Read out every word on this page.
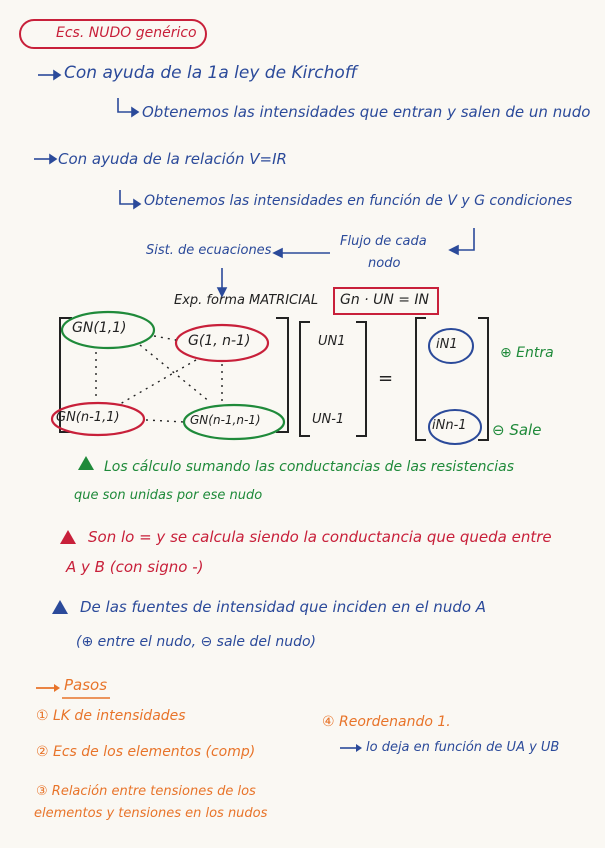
Ecs. NUDO genérico
Con ayuda de la 1a ley de Kirchoff
Obtenemos las intensidades que entran y salen de un nudo
Con ayuda de la relación V=IR
Obtenemos las intensidades en función de V y G condiciones
Sist. de ecuaciones
Flujo de cada
nodo
Exp. forma MATRICIAL Gn · UN = IN
GN(1,1)
G(1, n-1)
GN(n-1,1)	GN(n-1,n-1)
UN1
UN-1
=
iN1
iNn-1
⊕ Entra
⊖ Sale
Los cálculo sumando las conductancias de las resistencias
que son unidas por ese nudo
Son lo = y se calcula siendo la conductancia que queda entre
A y B (con signo -)
De las fuentes de intensidad que inciden en el nudo A
(⊕ entre el nudo, ⊖ sale del nudo)
Pasos
① LK de intensidades
② Ecs de los elementos (comp)
③ Relación entre tensiones de los
elementos y tensiones en los nudos
④ Reordenando 1.
lo deja en función de UA y UB
